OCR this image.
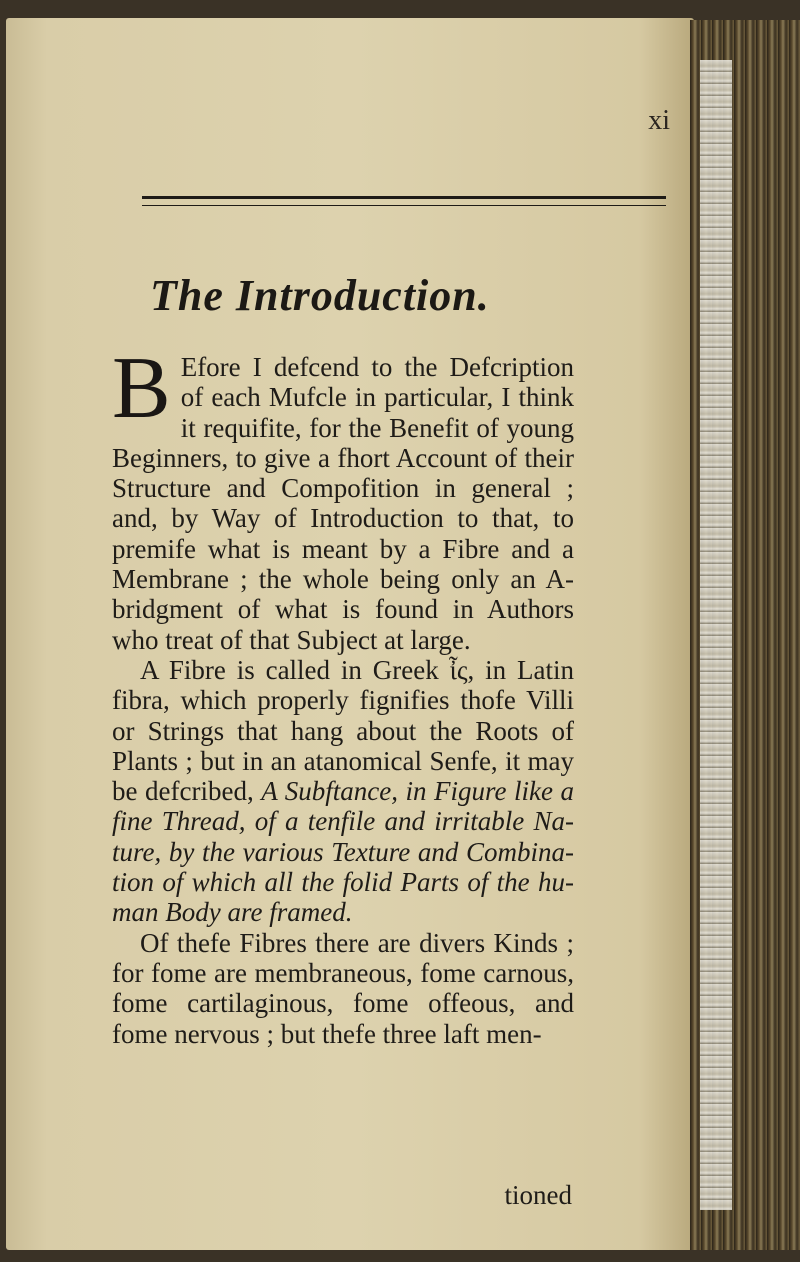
xi
The Introduction.

B Efore I defcend to the Defcription of each Mufcle in particular, I think it requifite, for the Benefit of young Beginners, to give a fhort Account of their Structure and Compofition in general ; and, by Way of Introduction to that, to premife what is meant by a Fibre and a Membrane ; the whole being only an A-bridgment of what is found in Authors who treat of that Subject at large.

A Fibre is called in Greek ἶς, in Latin fibra, which properly fignifies thofe Villi or Strings that hang about the Roots of Plants ; but in an atanomical Senfe, it may be defcribed, A Subftance, in Figure like a fine Thread, of a tenfile and irritable Na-ture, by the various Texture and Combina-tion of which all the folid Parts of the hu-man Body are framed.

Of thefe Fibres there are divers Kinds ; for fome are membraneous, fome carnous, fome cartilaginous, fome offeous, and fome nervous ; but thefe three laft men-

tioned
